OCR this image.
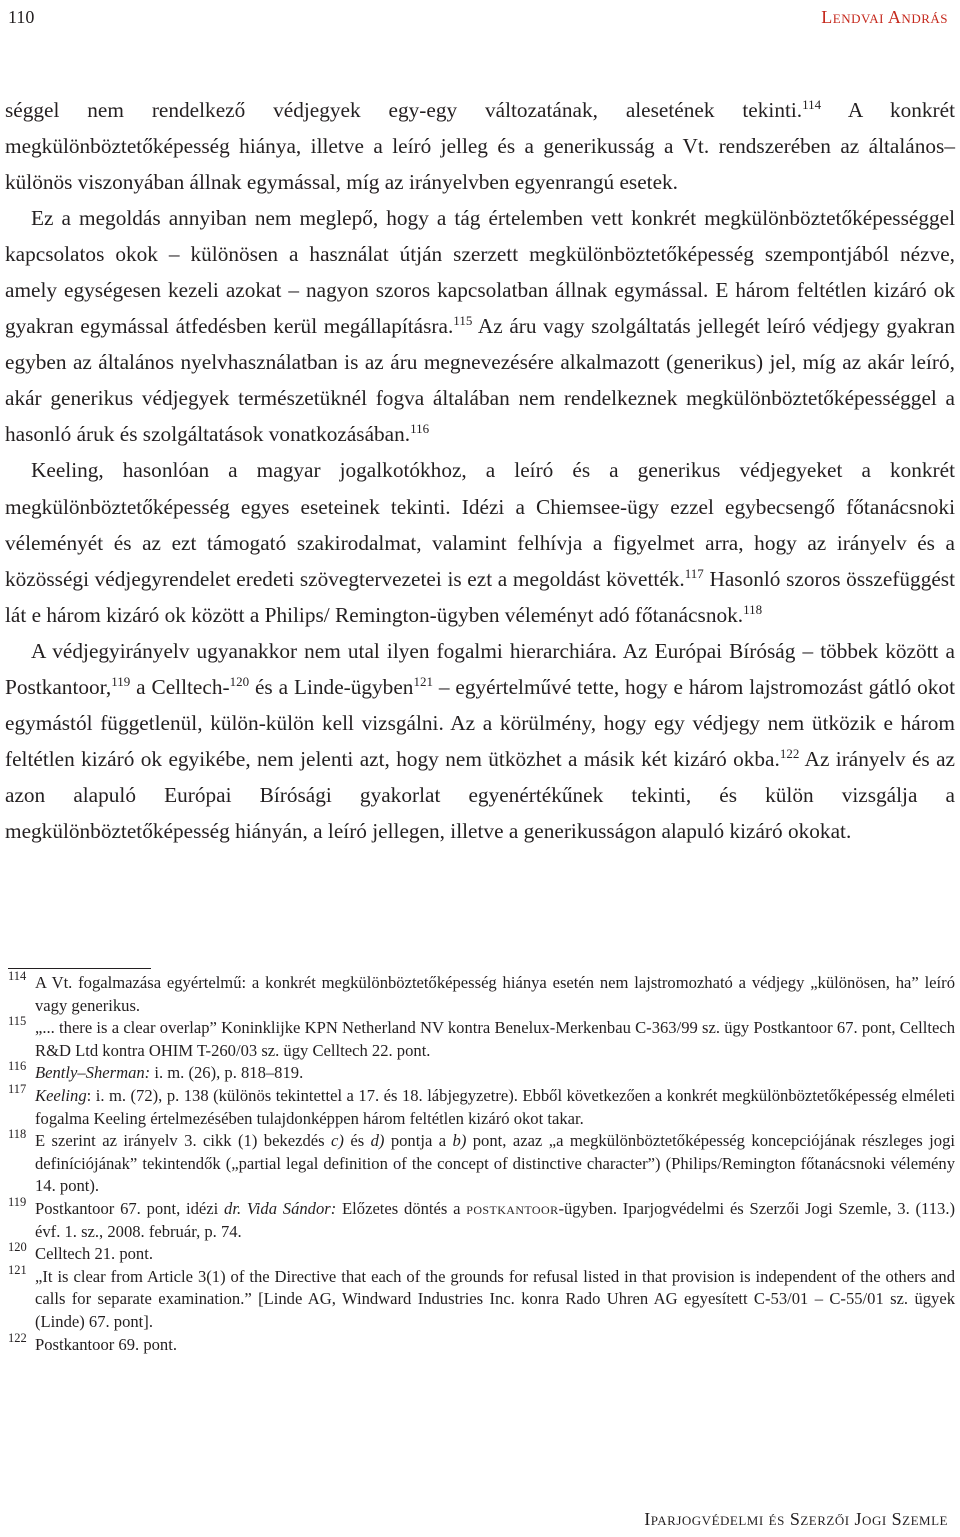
110	Lendvai András

séggel nem rendelkező védjegyek egy-egy változatának, alesetének tekinti.$^{114}$ A konkrét megkülönböztetőképesség hiánya, illetve a leíró jelleg és a generikusság a Vt. rendszerében az általános–különös viszonyában állnak egymással, míg az irányelvben egyenrangú esetek.

Ez a megoldás annyiban nem meglepő, hogy a tág értelemben vett konkrét megkülönböztetőképességgel kapcsolatos okok – különösen a használat útján szerzett megkülönböztetőképesség szempontjából nézve, amely egységesen kezeli azokat – nagyon szoros kapcsolatban állnak egymással. E három feltétlen kizáró ok gyakran egymással átfedésben kerül megállapításra.$^{115}$ Az áru vagy szolgáltatás jellegét leíró védjegy gyakran egyben az általános nyelvhasználatban is az áru megnevezésére alkalmazott (generikus) jel, míg az akár leíró, akár generikus védjegyek természetüknél fogva általában nem rendelkeznek megkülönböztetőképességgel a hasonló áruk és szolgáltatások vonatkozásában.$^{116}$

Keeling, hasonlóan a magyar jogalkotókhoz, a leíró és a generikus védjegyeket a konkrét megkülönböztetőképesség egyes eseteinek tekinti. Idézi a Chiemsee-ügy ezzel egybecsengő főtanácsnoki véleményét és az ezt támogató szakirodalmat, valamint felhívja a figyelmet arra, hogy az irányelv és a közösségi védjegyrendelet eredeti szövegtervezetei is ezt a megoldást követték.$^{117}$ Hasonló szoros összefüggést lát e három kizáró ok között a Philips/ Remington-ügyben véleményt adó főtanácsnok.$^{118}$

A védjegyirányelv ugyanakkor nem utal ilyen fogalmi hierarchiára. Az Európai Bíróság – többek között a Postkantoor,$^{119}$ a Celltech-$^{120}$ és a Linde-ügyben$^{121}$ – egyértelművé tette, hogy e három lajstromozást gátló okot egymástól függetlenül, külön-külön kell vizsgálni. Az a körülmény, hogy egy védjegy nem ütközik e három feltétlen kizáró ok egyikébe, nem jelenti azt, hogy nem ütközhet a másik két kizáró okba.$^{122}$ Az irányelv és az azon alapuló Európai Bírósági gyakorlat egyenértékűnek tekinti, és külön vizsgálja a megkülönböztetőképesség hiányán, a leíró jellegen, illetve a generikusságon alapuló kizáró okokat.

114 A Vt. fogalmazása egyértelmű: a konkrét megkülönböztetőképesség hiánya esetén nem lajstromozható a védjegy „különösen, ha” leíró vagy generikus.
115 „... there is a clear overlap” Koninklijke KPN Netherland NV kontra Benelux-Merkenbau C-363/99 sz. ügy Postkantoor 67. pont, Celltech R&D Ltd kontra OHIM T-260/03 sz. ügy Celltech 22. pont.
116 Bently–Sherman: i. m. (26), p. 818–819.
117 Keeling: i. m. (72), p. 138 (különös tekintettel a 17. és 18. lábjegyzetre). Ebből következően a konkrét megkülönböztetőképesség elméleti fogalma Keeling értelmezésében tulajdonképpen három feltétlen kizáró okot takar.
118 E szerint az irányelv 3. cikk (1) bekezdés c) és d) pontja a b) pont, azaz „a megkülönböztetőképesség koncepciójának részleges jogi definíciójának” tekintendők („partial legal definition of the concept of distinctive character”) (Philips/Remington főtanácsnoki vélemény 14. pont).
119 Postkantoor 67. pont, idézi dr. Vida Sándor: Előzetes döntés a postkantoor-ügyben. Iparjogvédelmi és Szerzői Jogi Szemle, 3. (113.) évf. 1. sz., 2008. február, p. 74.
120 Celltech 21. pont.
121 „It is clear from Article 3(1) of the Directive that each of the grounds for refusal listed in that provision is independent of the others and calls for separate examination.” [Linde AG, Windward Industries Inc. konra Rado Uhren AG egyesített C-53/01 – C-55/01 sz. ügyek (Linde) 67. pont].
122 Postkantoor 69. pont.
Iparjogvédelmi és Szerzői Jogi Szemle
